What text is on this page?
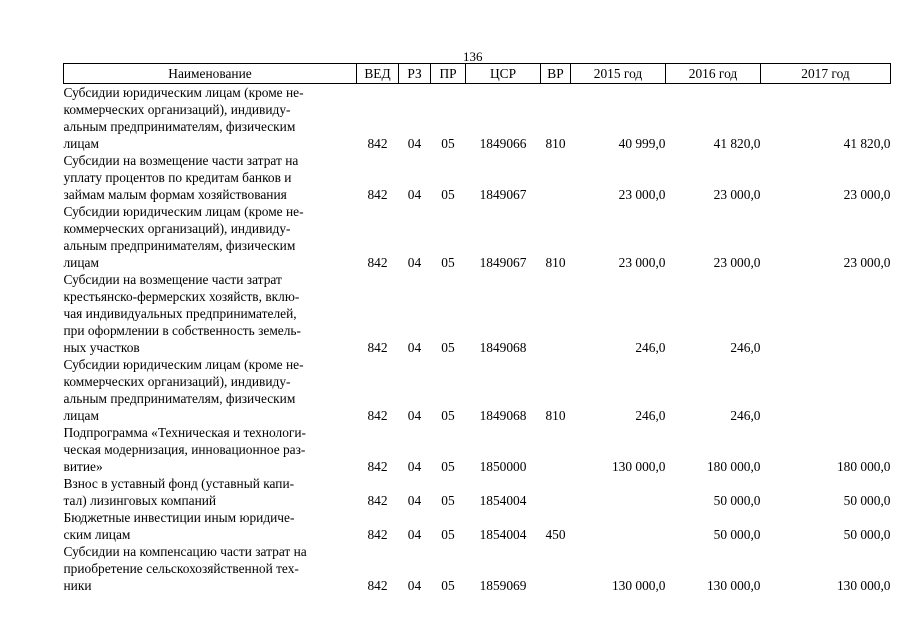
136
Наименование	ВЕД	РЗ	ПР	ЦСР	ВР	2015 год	2016 год	2017 год
Субсидии юридическим лицам (кроме не-
коммерческих организаций), индивиду-
альным предпринимателям, физическим
лицам	842	04	05	1849066	810	40 999,0	41 820,0	41 820,0
Субсидии на возмещение части затрат на
уплату процентов по кредитам банков и
займам малым формам хозяйствования	842	04	05	1849067		23 000,0	23 000,0	23 000,0
Субсидии юридическим лицам (кроме не-
коммерческих организаций), индивиду-
альным предпринимателям, физическим
лицам	842	04	05	1849067	810	23 000,0	23 000,0	23 000,0
Субсидии на возмещение части затрат
крестьянско-фермерских хозяйств, вклю-
чая индивидуальных предпринимателей,
при оформлении в собственность земель-
ных участков	842	04	05	1849068		246,0	246,0	
Субсидии юридическим лицам (кроме не-
коммерческих организаций), индивиду-
альным предпринимателям, физическим
лицам	842	04	05	1849068	810	246,0	246,0	
Подпрограмма «Техническая и технологи-
ческая модернизация, инновационное раз-
витие»	842	04	05	1850000		130 000,0	180 000,0	180 000,0
Взнос в уставный фонд (уставный капи-
тал) лизинговых компаний	842	04	05	1854004			50 000,0	50 000,0
Бюджетные инвестиции иным юридиче-
ским лицам	842	04	05	1854004	450		50 000,0	50 000,0
Субсидии на компенсацию части затрат на
приобретение сельскохозяйственной тех-
ники	842	04	05	1859069		130 000,0	130 000,0	130 000,0
